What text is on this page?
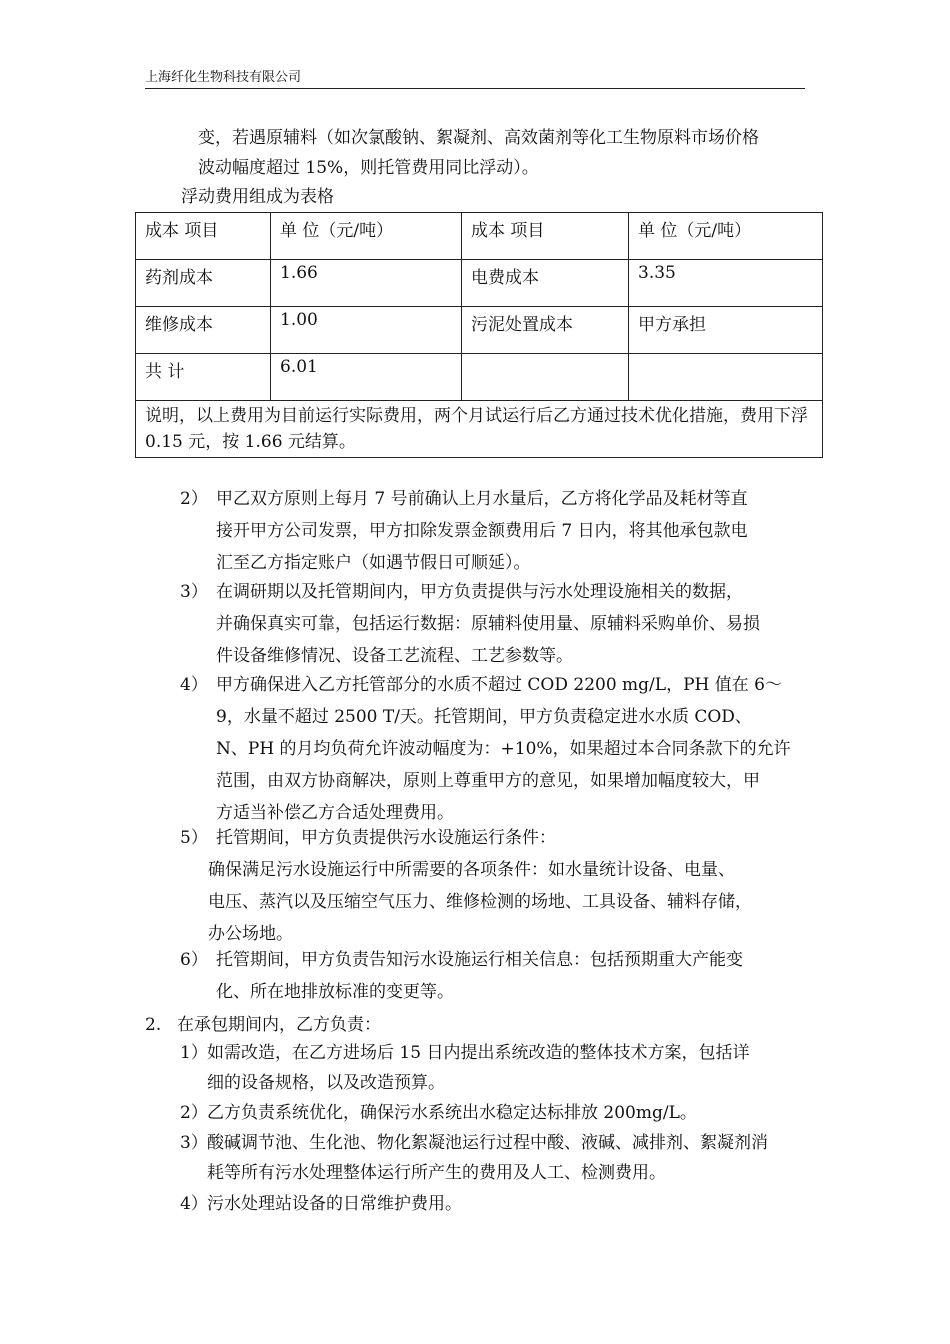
上海纤化生物科技有限公司
变，若遇原辅料（如次氯酸钠、絮凝剂、高效菌剂等化工生物原料市场价格
波动幅度超过 15%，则托管费用同比浮动）。
浮动费用组成为表格
成本 项目	单 位（元/吨）	成本 项目	单 位（元/吨）
药剂成本	1.66	电费成本	3.35
维修成本	1.00	污泥处置成本	甲方承担
共 计	6.01		
说明，以上费用为目前运行实际费用，两个月试运行后乙方通过技术优化措施，费用下浮 0.15 元，按 1.66 元结算。			
2） 甲乙双方原则上每月 7 号前确认上月水量后，乙方将化学品及耗材等直
接开甲方公司发票，甲方扣除发票金额费用后 7 日内，将其他承包款电
汇至乙方指定账户（如遇节假日可顺延）。
3） 在调研期以及托管期间内，甲方负责提供与污水处理设施相关的数据，
并确保真实可靠，包括运行数据：原辅料使用量、原辅料采购单价、易损
件设备维修情况、设备工艺流程、工艺参数等。
4） 甲方确保进入乙方托管部分的水质不超过 COD 2200 mg/L，PH 值在 6～
9，水量不超过 2500 T/天。托管期间，甲方负责稳定进水水质 COD、
N、PH 的月均负荷允许波动幅度为：+10%，如果超过本合同条款下的允许
范围，由双方协商解决，原则上尊重甲方的意见，如果增加幅度较大，甲
方适当补偿乙方合适处理费用。
5） 托管期间，甲方负责提供污水设施运行条件：
确保满足污水设施运行中所需要的各项条件：如水量统计设备、电量、
电压、蒸汽以及压缩空气压力、维修检测的场地、工具设备、辅料存储，
办公场地。
6） 托管期间，甲方负责告知污水设施运行相关信息：包括预期重大产能变
化、所在地排放标准的变更等。
2. 在承包期间内，乙方负责：
1） 如需改造，在乙方进场后 15 日内提出系统改造的整体技术方案，包括详
细的设备规格，以及改造预算。
2） 乙方负责系统优化，确保污水系统出水稳定达标排放 200mg/L。
3） 酸碱调节池、生化池、物化絮凝池运行过程中酸、液碱、减排剂、絮凝剂消
耗等所有污水处理整体运行所产生的费用及人工、检测费用。
4） 污水处理站设备的日常维护费用。
